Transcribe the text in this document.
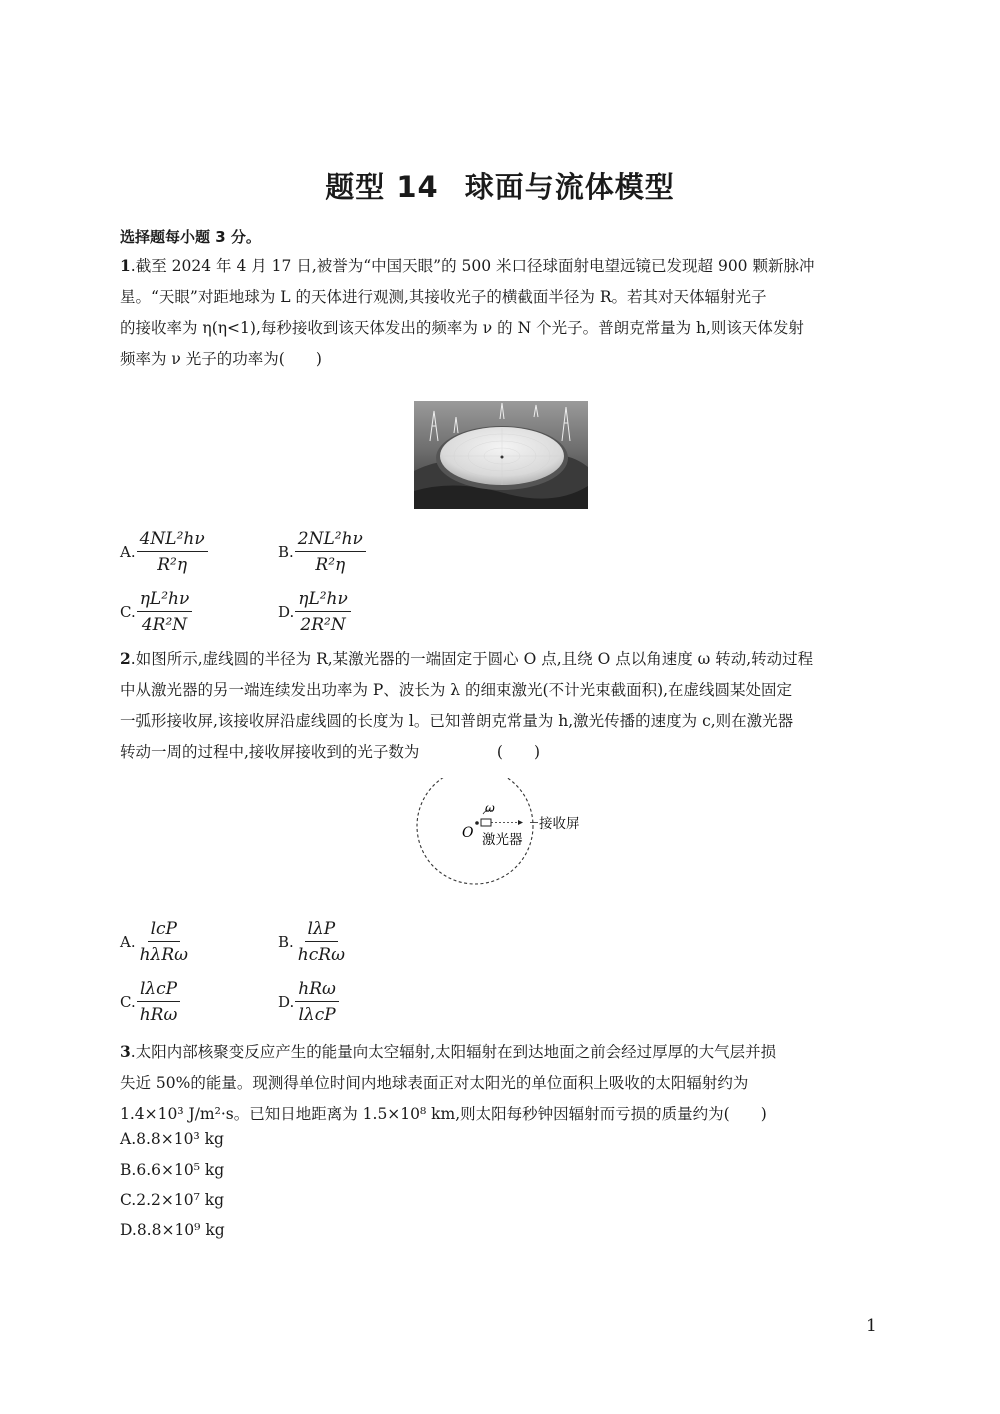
题型 14 球面与流体模型
选择题每小题 3 分。
1.截至 2024 年 4 月 17 日,被誉为“中国天眼”的 500 米口径球面射电望远镜已发现超 900 颗新脉冲
星。“天眼”对距地球为 L 的天体进行观测,其接收光子的横截面半径为 R。若其对天体辐射光子
的接收率为 η(η<1),每秒接收到该天体发出的频率为 ν 的 N 个光子。普朗克常量为 h,则该天体发射
频率为 ν 光子的功率为(　　)
A. $\frac{\text{4NL²hν}}{\text{R²η}}$	B. $\frac{\text{2NL²hν}}{\text{R²η}}$
C. $\frac{\text{ηL²hν}}{\text{4R²N}}$	D. $\frac{\text{ηL²hν}}{\text{2R²N}}$
2.如图所示,虚线圆的半径为 R,某激光器的一端固定于圆心 O 点,且绕 O 点以角速度 ω 转动,转动过程
中从激光器的另一端连续发出功率为 P、波长为 λ 的细束激光(不计光束截面积),在虚线圆某处固定
一弧形接收屏,该接收屏沿虚线圆的长度为 l。已知普朗克常量为 h,激光传播的速度为 c,则在激光器
转动一周的过程中,接收屏接收到的光子数为　　　　　(　　)
ω
O 激光器
接收屏
A. $\frac{\text{lcP}}{\text{hλRω}}$	B. $\frac{\text{lλP}}{\text{hcRω}}$
C. $\frac{\text{lλcP}}{\text{hRω}}$	D. $\frac{\text{hRω}}{\text{lλcP}}$
3.太阳内部核聚变反应产生的能量向太空辐射,太阳辐射在到达地面之前会经过厚厚的大气层并损
失近 50%的能量。现测得单位时间内地球表面正对太阳光的单位面积上吸收的太阳辐射约为
1.4×10³ J/m²·s。已知日地距离为 1.5×10⁸ km,则太阳每秒钟因辐射而亏损的质量约为(　　)
A.8.8×10³ kg
B.6.6×10⁵ kg
C.2.2×10⁷ kg
D.8.8×10⁹ kg
1
